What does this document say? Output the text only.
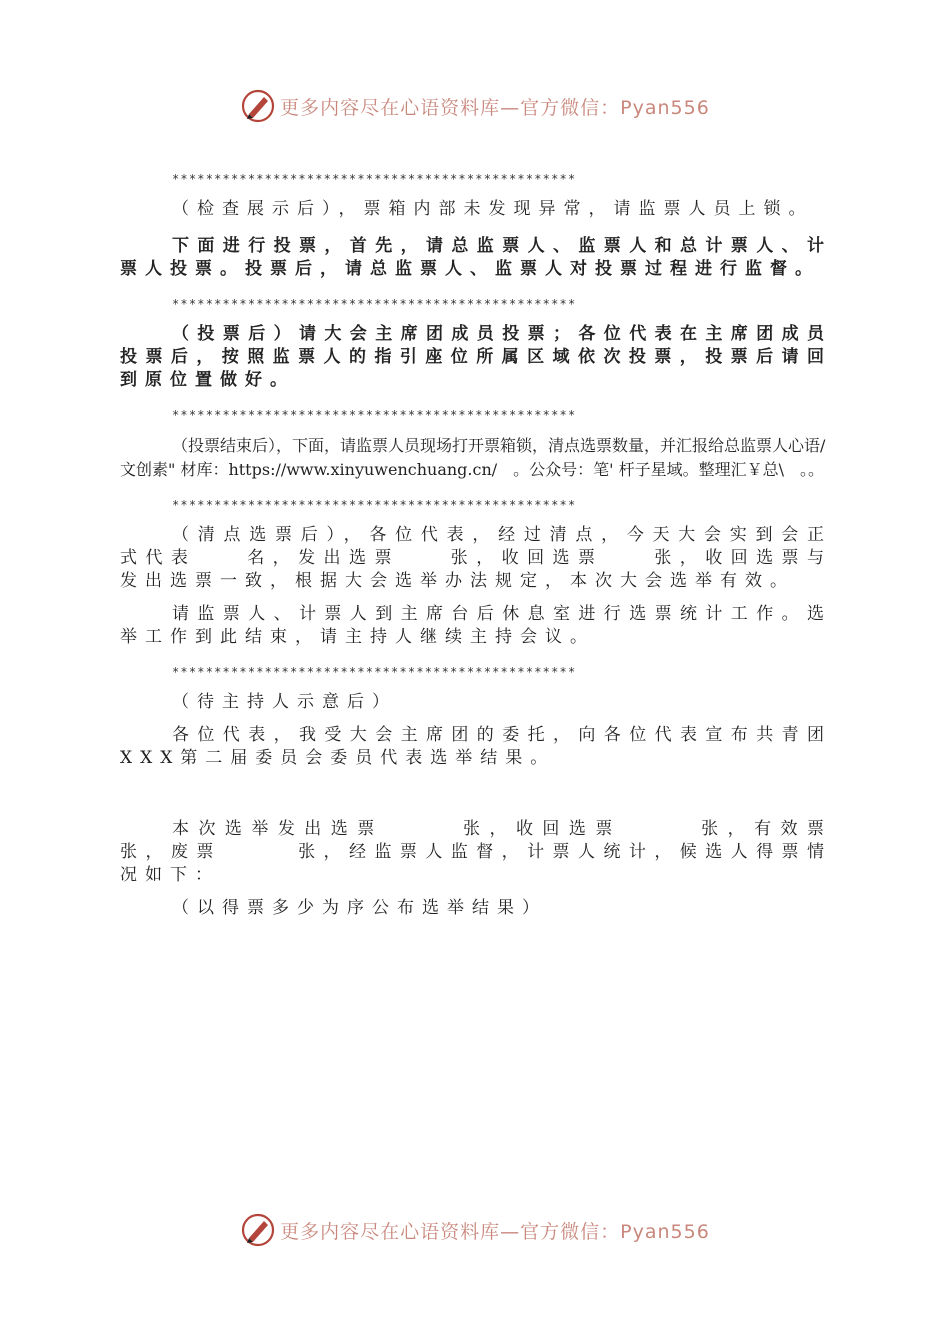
更多内容尽在心语资料库—官方微信：Pyan556
************************************************

（检查展示后），票箱内部未发现异常，请监票人员上锁。

下面进行投票，首先，请总监票人、监票人和总计票人、计票人投票。投票后，请总监票人、监票人对投票过程进行监督。

************************************************

（投票后）请大会主席团成员投票；各位代表在主席团成员投票后，按照监票人的指引座位所属区域依次投票，投票后请回到原位置做好。

************************************************

（投票结束后），下面，请监票人员现场打开票箱锁，清点选票数量，并汇报给总监票人心语/ 文创素" 材库：https://www.xinyuwenchuang.cn/　。公众号：笔' 杆子星域。整理汇￥总\　。。

************************************************

（清点选票后），各位代表，经过清点，今天大会实到会正式代表　　名，发出选票　　张，收回选票　　张，收回选票与发出选票一致，根据大会选举办法规定，本次大会选举有效。

请监票人、计票人到主席台后休息室进行选票统计工作。选举工作到此结束，请主持人继续主持会议。

************************************************

（待主持人示意后）

各位代表，我受大会主席团的委托，向各位代表宣布共青团XXX第二届委员会委员代表选举结果。

本次选举发出选票　　　张，收回选票　　　张，有效票　　　张，废票　　　张，经监票人监督，计票人统计，候选人得票情况如下：

（以得票多少为序公布选举结果）

更多内容尽在心语资料库—官方微信：Pyan556
